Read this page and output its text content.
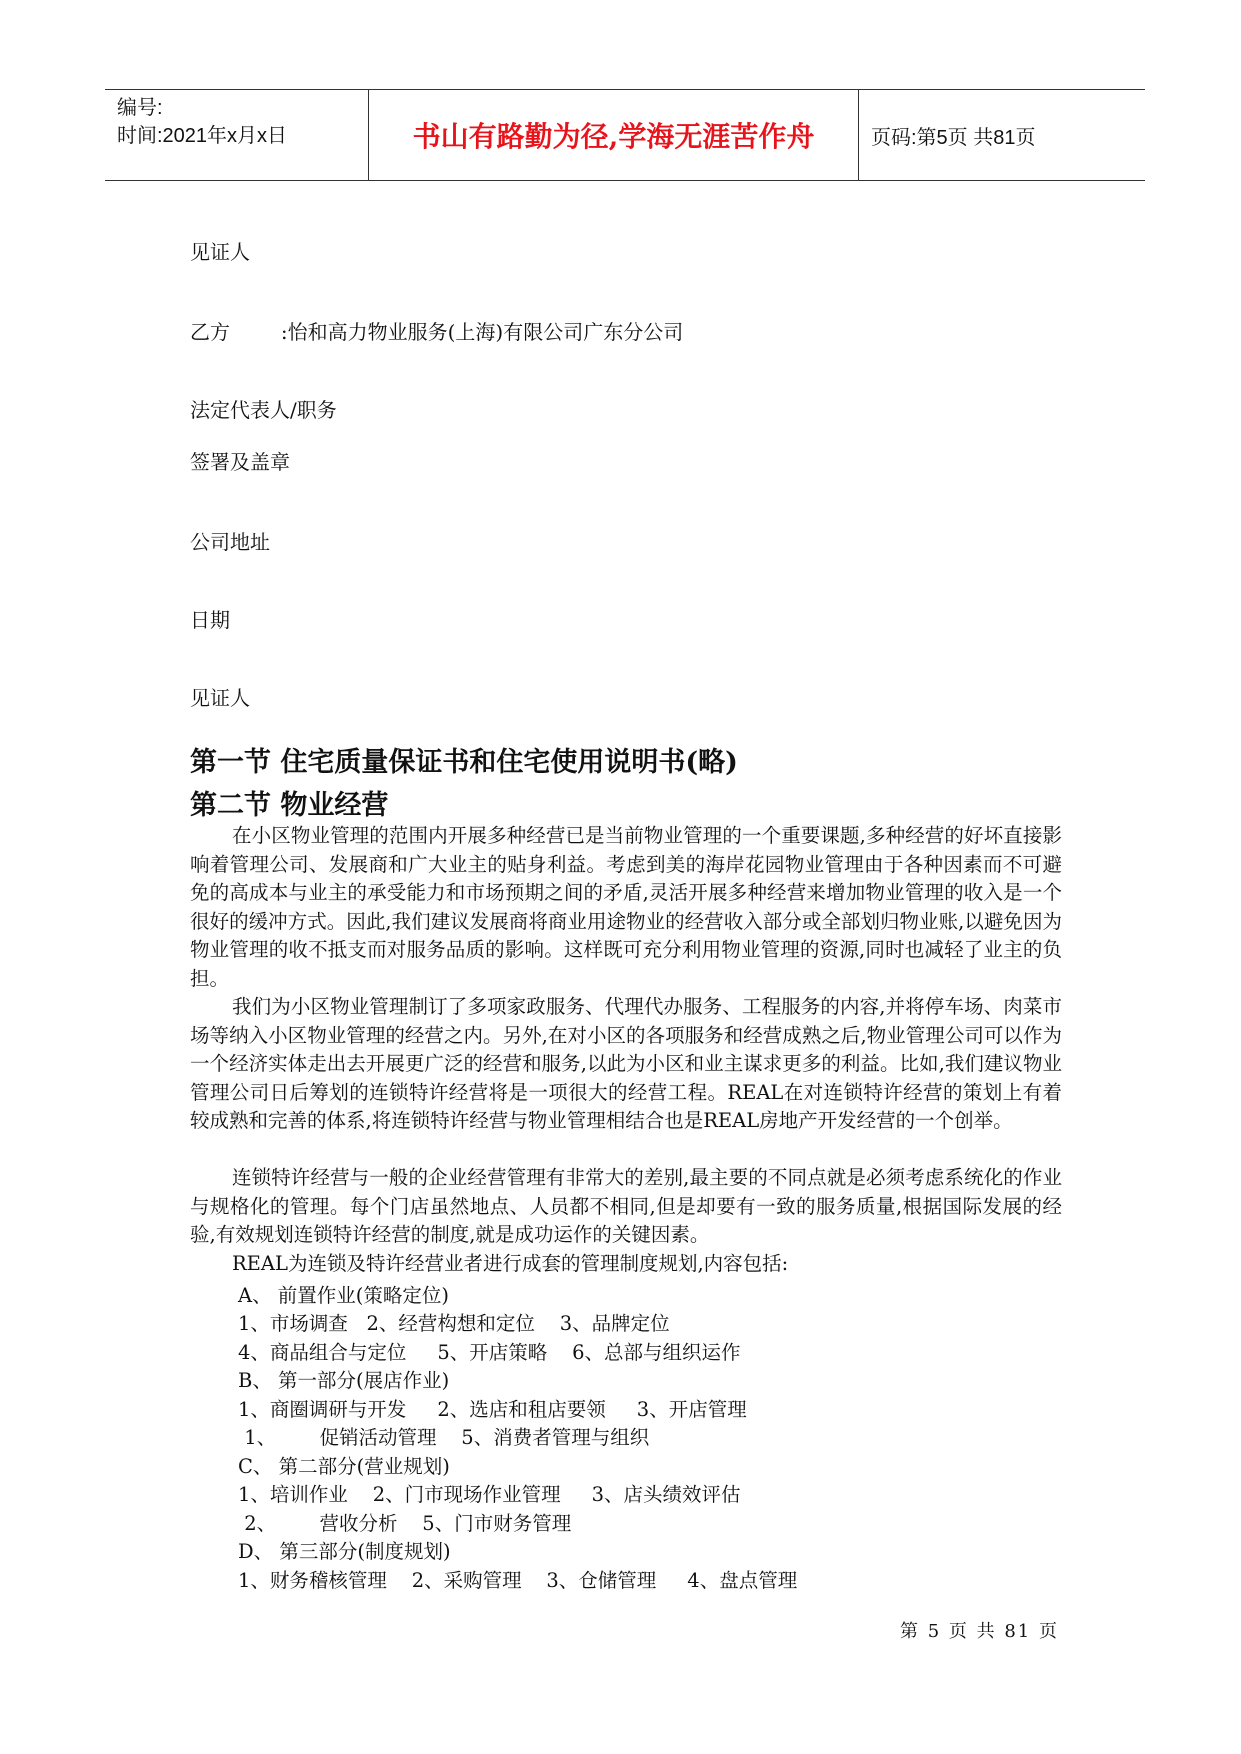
编号:
时间:2021年x月x日	书山有路勤为径,学海无涯苦作舟	页码:第5页 共81页
见证人
乙方        :怡和高力物业服务(上海)有限公司广东分公司
法定代表人/职务
签署及盖章
公司地址
日期
见证人
第一节 住宅质量保证书和住宅使用说明书(略)
第二节 物业经营
在小区物业管理的范围内开展多种经营已是当前物业管理的一个重要课题,多种经营的好坏直接影响着管理公司、发展商和广大业主的贴身利益。考虑到美的海岸花园物业管理由于各种因素而不可避免的高成本与业主的承受能力和市场预期之间的矛盾,灵活开展多种经营来增加物业管理的收入是一个很好的缓冲方式。因此,我们建议发展商将商业用途物业的经营收入部分或全部划归物业账,以避免因为物业管理的收不抵支而对服务品质的影响。这样既可充分利用物业管理的资源,同时也减轻了业主的负担。
我们为小区物业管理制订了多项家政服务、代理代办服务、工程服务的内容,并将停车场、肉菜市场等纳入小区物业管理的经营之内。另外,在对小区的各项服务和经营成熟之后,物业管理公司可以作为一个经济实体走出去开展更广泛的经营和服务,以此为小区和业主谋求更多的利益。比如,我们建议物业管理公司日后筹划的连锁特许经营将是一项很大的经营工程。REAL在对连锁特许经营的策划上有着较成熟和完善的体系,将连锁特许经营与物业管理相结合也是REAL房地产开发经营的一个创举。
连锁特许经营与一般的企业经营管理有非常大的差别,最主要的不同点就是必须考虑系统化的作业与规格化的管理。每个门店虽然地点、人员都不相同,但是却要有一致的服务质量,根据国际发展的经验,有效规划连锁特许经营的制度,就是成功运作的关键因素。
REAL为连锁及特许经营业者进行成套的管理制度规划,内容包括:
A、 前置作业(策略定位)
1、市场调查   2、经营构想和定位    3、品牌定位
4、商品组合与定位     5、开店策略    6、总部与组织运作
B、 第一部分(展店作业)
1、商圈调研与开发     2、选店和租店要领     3、开店管理
1、       促销活动管理    5、消费者管理与组织
C、 第二部分(营业规划)
1、培训作业    2、门市现场作业管理     3、店头绩效评估
2、       营收分析    5、门市财务管理
D、 第三部分(制度规划)
1、财务稽核管理    2、采购管理    3、仓储管理     4、盘点管理
第 5 页 共 81 页
